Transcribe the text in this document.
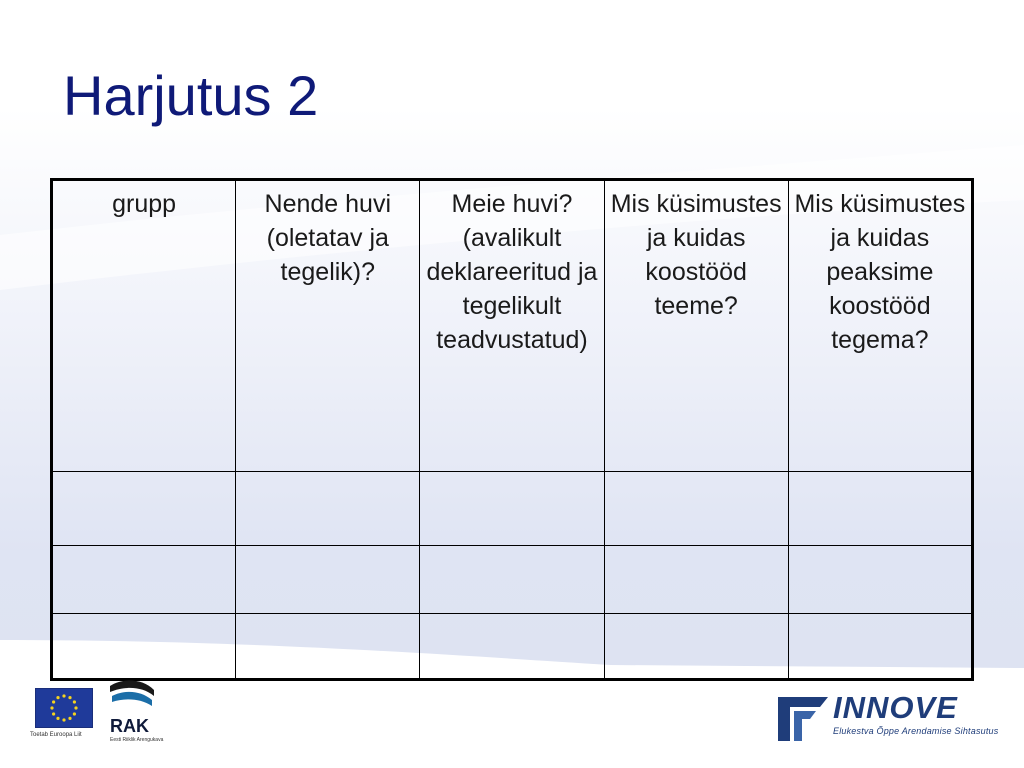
Harjutus 2
grupp	Nende huvi (oletatav ja tegelik)?	Meie huvi? (avalikult deklareeritud ja tegelikult teadvustatud)	Mis küsimustes ja kuidas koostööd teeme?	Mis küsimustes ja kuidas peaksime koostööd tegema?

Toetab Euroopa Liit RAK
Eesti Riiklik Arengukava
INNOVE
Elukestva Õppe Arendamise Sihtasutus
